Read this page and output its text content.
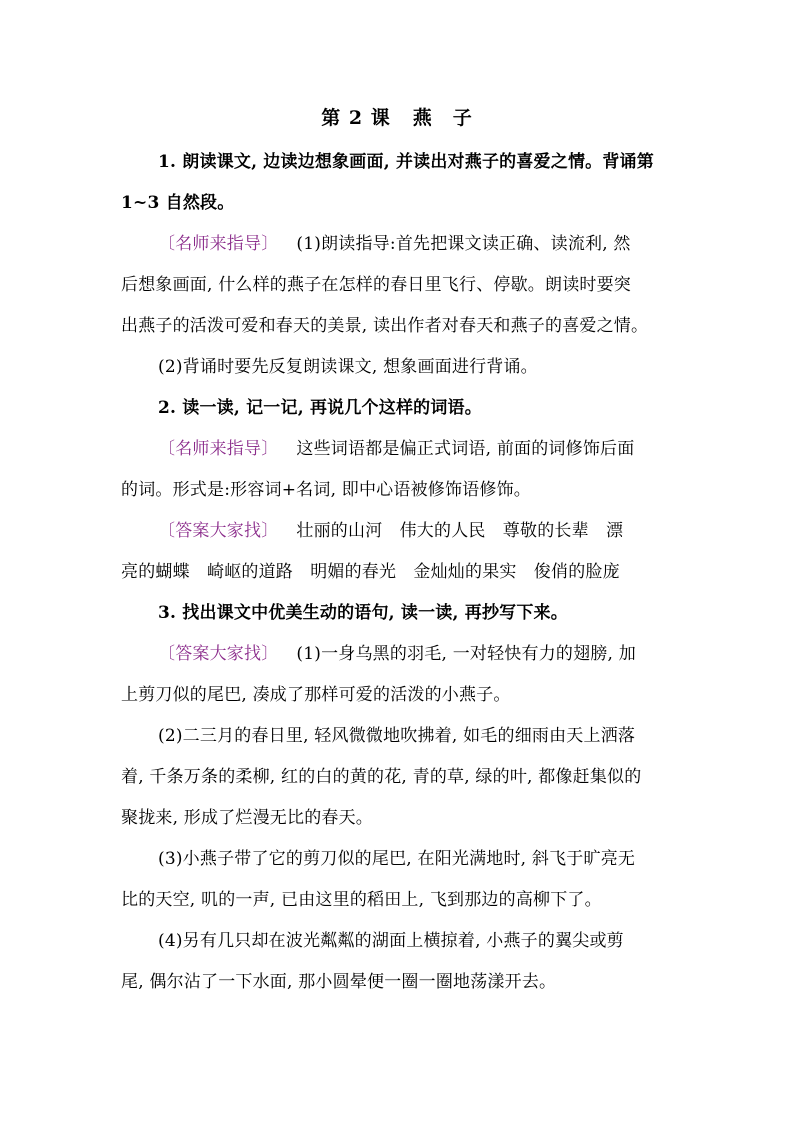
第 2 课 燕　子
1. 朗读课文, 边读边想象画面, 并读出对燕子的喜爱之情。背诵第
1~3 自然段。
〔名师来指导〕 (1)朗读指导:首先把课文读正确、读流利, 然
后想象画面, 什么样的燕子在怎样的春日里飞行、停歇。朗读时要突
出燕子的活泼可爱和春天的美景, 读出作者对春天和燕子的喜爱之情。
(2)背诵时要先反复朗读课文, 想象画面进行背诵。
2. 读一读, 记一记, 再说几个这样的词语。
〔名师来指导〕 这些词语都是偏正式词语, 前面的词修饰后面
的词。形式是:形容词+名词, 即中心语被修饰语修饰。
〔答案大家找〕 壮丽的山河　伟大的人民　尊敬的长辈　漂
亮的蝴蝶　崎岖的道路　明媚的春光　金灿灿的果实　俊俏的脸庞
3. 找出课文中优美生动的语句, 读一读, 再抄写下来。
〔答案大家找〕 (1)一身乌黑的羽毛, 一对轻快有力的翅膀, 加
上剪刀似的尾巴, 凑成了那样可爱的活泼的小燕子。
(2)二三月的春日里, 轻风微微地吹拂着, 如毛的细雨由天上洒落
着, 千条万条的柔柳, 红的白的黄的花, 青的草, 绿的叶, 都像赶集似的
聚拢来, 形成了烂漫无比的春天。
(3)小燕子带了它的剪刀似的尾巴, 在阳光满地时, 斜飞于旷亮无
比的天空, 叽的一声, 已由这里的稻田上, 飞到那边的高柳下了。
(4)另有几只却在波光粼粼的湖面上横掠着, 小燕子的翼尖或剪
尾, 偶尔沾了一下水面, 那小圆晕便一圈一圈地荡漾开去。
